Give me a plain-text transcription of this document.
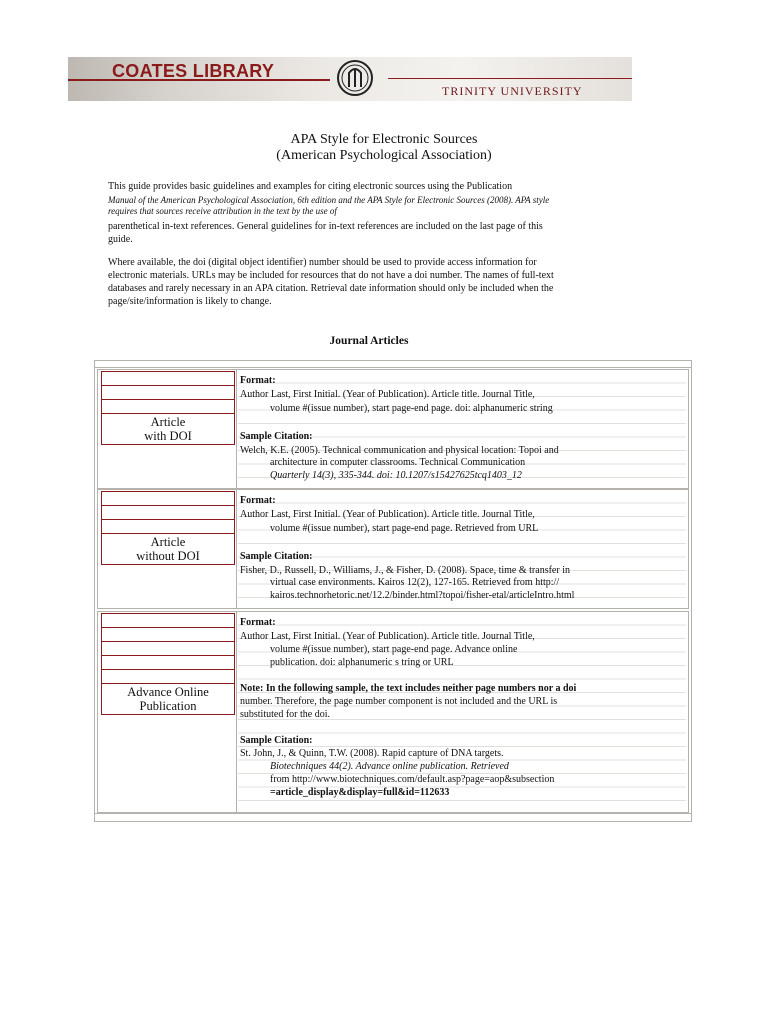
COATES LIBRARY
TRINITY UNIVERSITY
APA Style for Electronic Sources
(American Psychological Association)
This guide provides basic guidelines and examples for citing electronic sources using the Publication
Manual of the American Psychological Association, 6th edition and the APA Style for Electronic Sources (2008). APA style requires that sources receive attribution in the text by the use of
parenthetical in-text references. General guidelines for in-text references are included on the last page of this guide.
Where available, the doi (digital object identifier) number should be used to provide access information for electronic materials. URLs may be included for resources that do not have a doi number. The names of full-text databases and rarely necessary in an APA citation. Retrieval date information should only be included when the page/site/information is likely to change.
Journal Articles
Article
with DOI
Format:
Author Last, First Initial. (Year of Publication). Article title. Journal Title,
volume #(issue number), start page-end page. doi: alphanumeric string
Sample Citation:
Welch, K.E. (2005). Technical communication and physical location: Topoi and
architecture in computer classrooms. Technical Communication
Quarterly 14(3), 335-344. doi: 10.1207/s15427625tcq1403_12
Article
without DOI
Format:
Author Last, First Initial. (Year of Publication). Article title. Journal Title,
volume #(issue number), start page-end page. Retrieved from URL
Sample Citation:
Fisher, D., Russell, D., Williams, J., & Fisher, D. (2008). Space, time & transfer in
virtual case environments. Kairos 12(2), 127-165. Retrieved from http://
kairos.technorhetoric.net/12.2/binder.html?topoi/fisher-etal/articleIntro.html
Advance Online
Publication
Format:
Author Last, First Initial. (Year of Publication). Article title. Journal Title,
volume #(issue number), start page-end page. Advance online
publication. doi: alphanumeric s tring or URL
Note: In the following sample, the text includes neither page numbers nor a doi
number. Therefore, the page number component is not included and the URL is
substituted for the doi.
Sample Citation:
St. John, J., & Quinn, T.W. (2008). Rapid capture of DNA targets.
Biotechniques 44(2). Advance online publication. Retrieved
from http://www.biotechniques.com/default.asp?page=aop&subsection
=article_display&display=full&id=112633
